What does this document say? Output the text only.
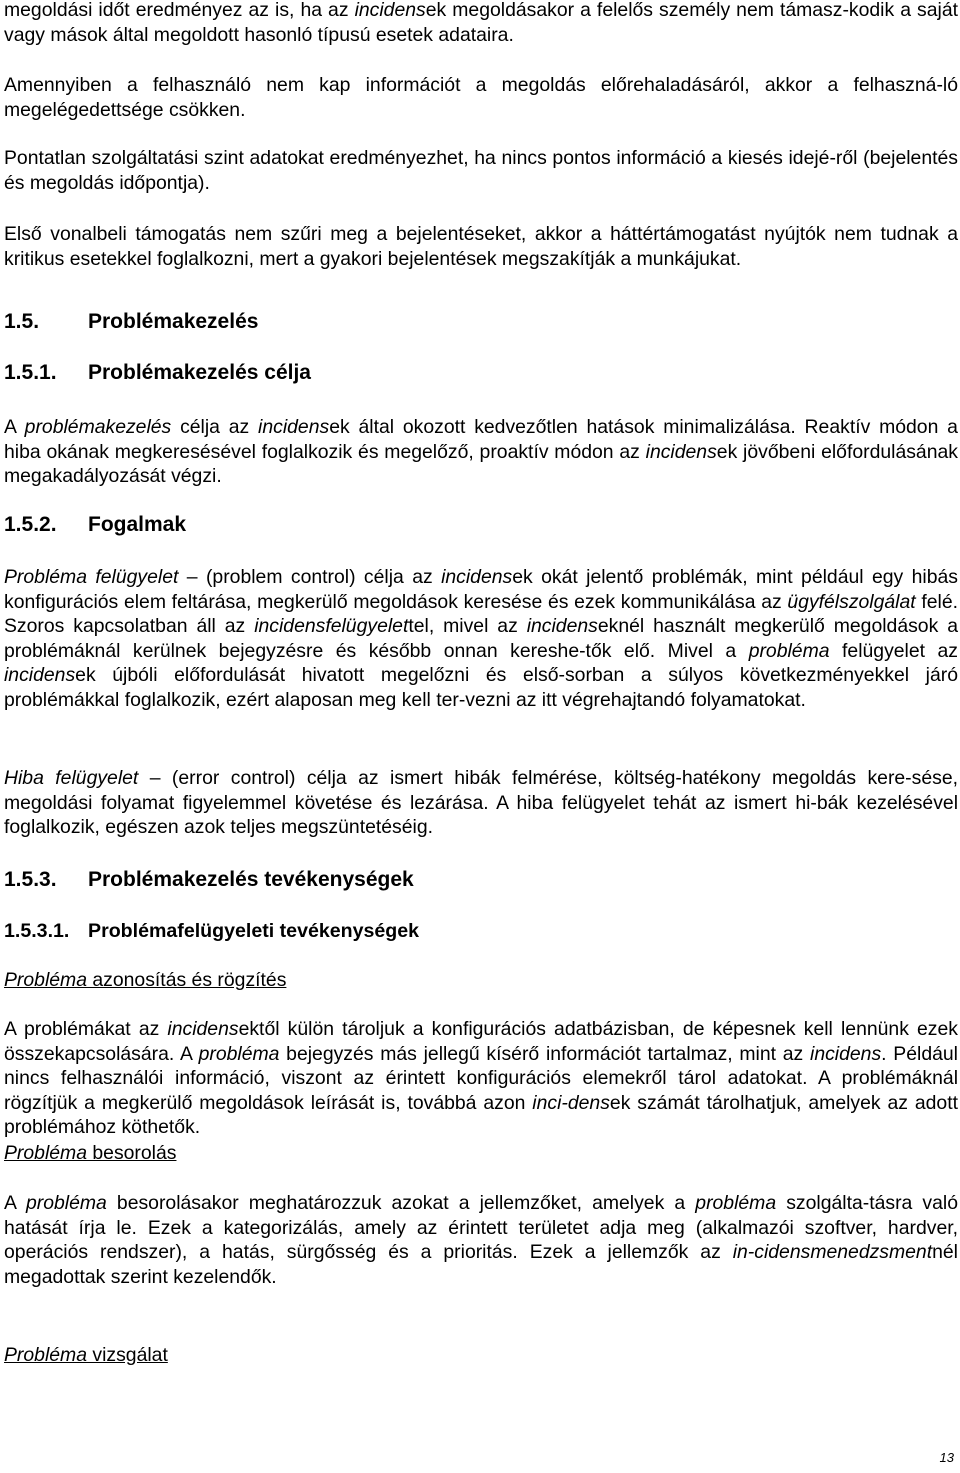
megoldási időt eredményez az is, ha az incidensek megoldásakor a felelős személy nem támasz-kodik a saját vagy mások által megoldott hasonló típusú esetek adataira.

Amennyiben a felhasználó nem kap információt a megoldás előrehaladásáról, akkor a felhaszná-ló megelégedettsége csökken.

Pontatlan szolgáltatási szint adatokat eredményezhet, ha nincs pontos információ a kiesés idejé-ről (bejelentés és megoldás időpontja).

Első vonalbeli támogatás nem szűri meg a bejelentéseket, akkor a háttértámogatást nyújtók nem tudnak a kritikus esetekkel foglalkozni, mert a gyakori bejelentések megszakítják a munkájukat.

1.5. Problémakezelés
1.5.1. Problémakezelés célja

A problémakezelés célja az incidensek által okozott kedvezőtlen hatások minimalizálása. Reaktív módon a hiba okának megkeresésével foglalkozik és megelőző, proaktív módon az incidensek jövőbeni előfordulásának megakadályozását végzi.

1.5.2. Fogalmak

Probléma felügyelet – (problem control) célja az incidensek okát jelentő problémák, mint például egy hibás konfigurációs elem feltárása, megkerülő megoldások keresése és ezek kommunikálása az ügyfélszolgálat felé. Szoros kapcsolatban áll az incidensfelügyelettel, mivel az incidenseknél használt megkerülő megoldások a problémáknál kerülnek bejegyzésre és később onnan kereshe-tők elő. Mivel a probléma felügyelet az incidensek újbóli előfordulását hivatott megelőzni és első-sorban a súlyos következményekkel járó problémákkal foglalkozik, ezért alaposan meg kell ter-vezni az itt végrehajtandó folyamatokat.

Hiba felügyelet – (error control) célja az ismert hibák felmérése, költség-hatékony megoldás kere-sése, megoldási folyamat figyelemmel követése és lezárása. A hiba felügyelet tehát az ismert hi-bák kezelésével foglalkozik, egészen azok teljes megszüntetéséig.

1.5.3. Problémakezelés tevékenységek
1.5.3.1. Problémafelügyeleti tevékenységek
Probléma azonosítás és rögzítés

A problémákat az incidensektől külön tároljuk a konfigurációs adatbázisban, de képesnek kell lennünk ezek összekapcsolására. A probléma bejegyzés más jellegű kísérő információt tartalmaz, mint az incidens. Például nincs felhasználói információ, viszont az érintett konfigurációs elemekről tárol adatokat. A problémáknál rögzítjük a megkerülő megoldások leírását is, továbbá azon inci-densek számát tárolhatjuk, amelyek az adott problémához köthetők.

Probléma besorolás

A probléma besorolásakor meghatározzuk azokat a jellemzőket, amelyek a probléma szolgálta-tásra való hatását írja le. Ezek a kategorizálás, amely az érintett területet adja meg (alkalmazói szoftver, hardver, operációs rendszer), a hatás, sürgősség és a prioritás. Ezek a jellemzők az in-cidensmenedzsmentnél megadottak szerint kezelendők.

Probléma vizsgálat
13
